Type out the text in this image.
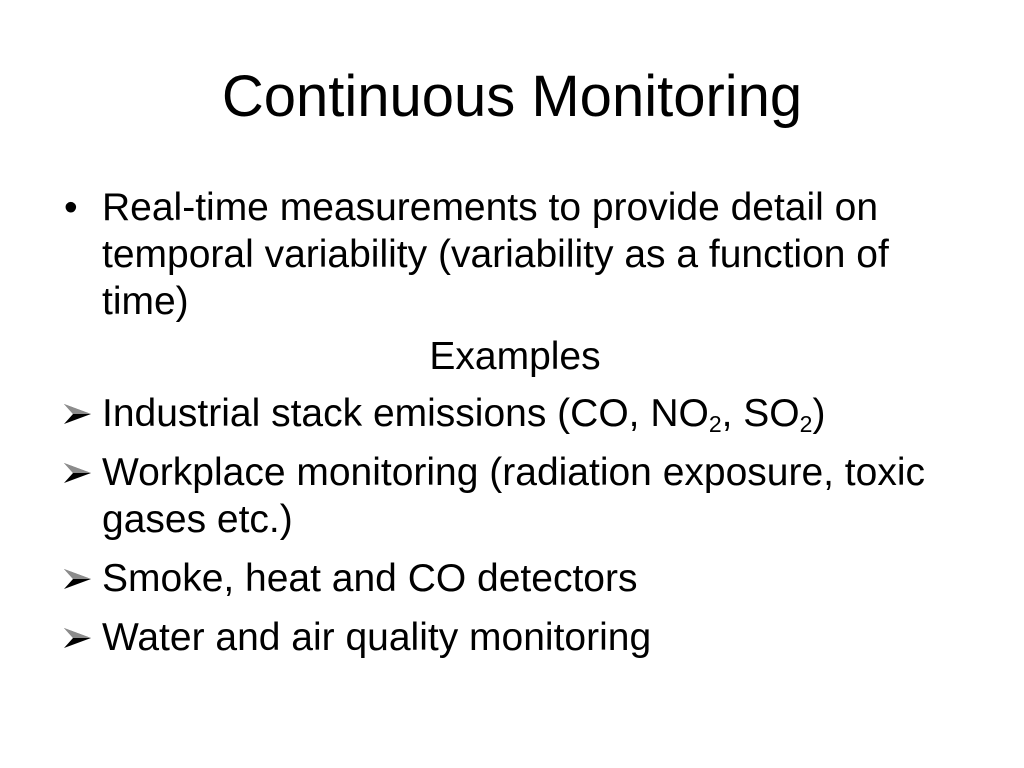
Continuous Monitoring
• Real-time measurements to provide detail on temporal variability (variability as a function of time)
Examples
Industrial stack emissions (CO, $NO_2$, $SO_2$)
Workplace monitoring (radiation exposure, toxic gases etc.)
Smoke, heat and CO detectors
Water and air quality monitoring
